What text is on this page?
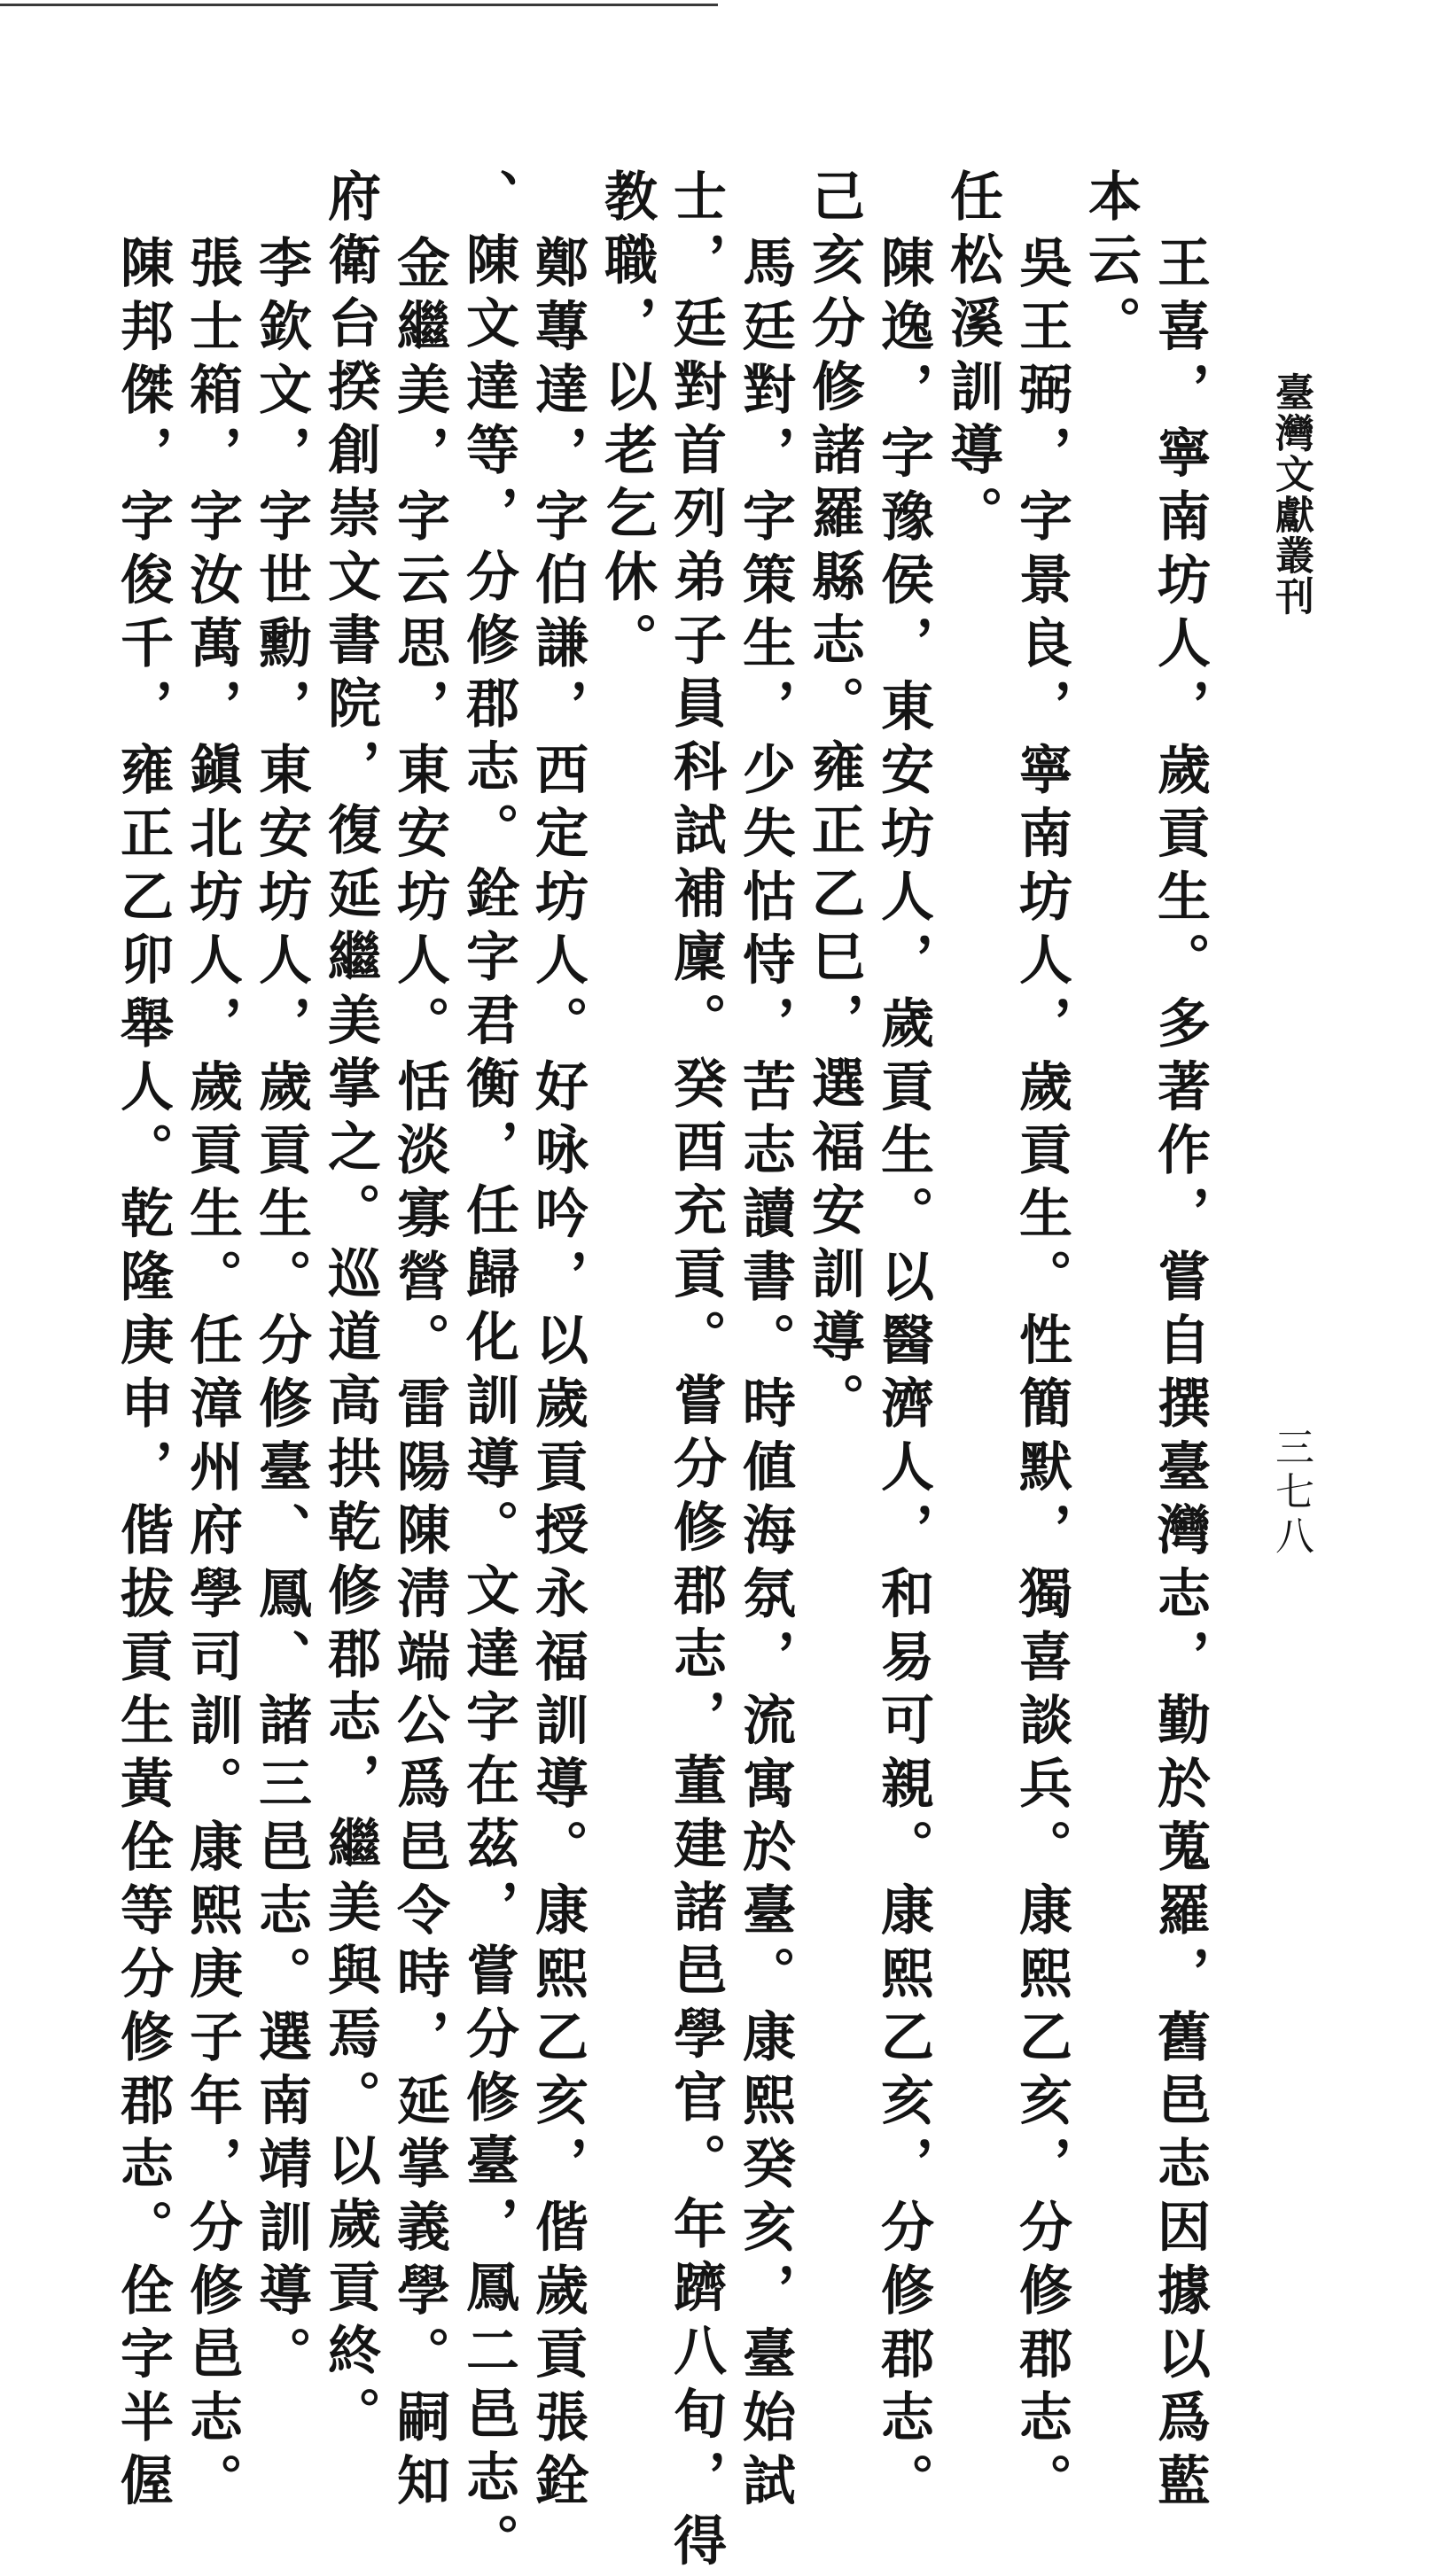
臺灣文獻叢刊
三七八
王喜，寧南坊人，歲貢生。多著作，嘗自撰臺灣志，勤於蒐羅，舊邑志因據以爲藍
本云。
吳王弼，字景良，寧南坊人，歲貢生。性簡默，獨喜談兵。康熙乙亥，分修郡志。
任松溪訓導。
陳逸，字豫侯，東安坊人，歲貢生。以醫濟人，和易可親。康熙乙亥，分修郡志。
己亥分修諸羅縣志。雍正乙巳，選福安訓導。
馬廷對，字策生，少失怙恃，苦志讀書。時値海氛，流寓於臺。康熙癸亥，臺始試
士，廷對首列弟子員科試補廩。癸酉充貢。嘗分修郡志，董建諸邑學官。年躋八旬，得
教職，以老乞休。
鄭蓴達，字伯謙，西定坊人。好咏吟，以歲貢授永福訓導。康熙乙亥，偕歲貢張銓
、陳文達等，分修郡志。銓字君衡，任歸化訓導。文達字在茲，嘗分修臺，鳳二邑志。
金繼美，字云思，東安坊人。恬淡寡營。雷陽陳淸端公爲邑令時，延掌義學。嗣知
府衛台揆創崇文書院，復延繼美掌之。巡道高拱乾修郡志，繼美與焉。以歲貢終。
李欽文，字世勳，東安坊人，歲貢生。分修臺、鳳、諸三邑志。選南靖訓導。
張士箱，字汝萬，鎭北坊人，歲貢生。任漳州府學司訓。康熙庚子年，分修邑志。
陳邦傑，字俊千，雍正乙卯舉人。乾隆庚申，偕拔貢生黃佺等分修郡志。佺字半偓
